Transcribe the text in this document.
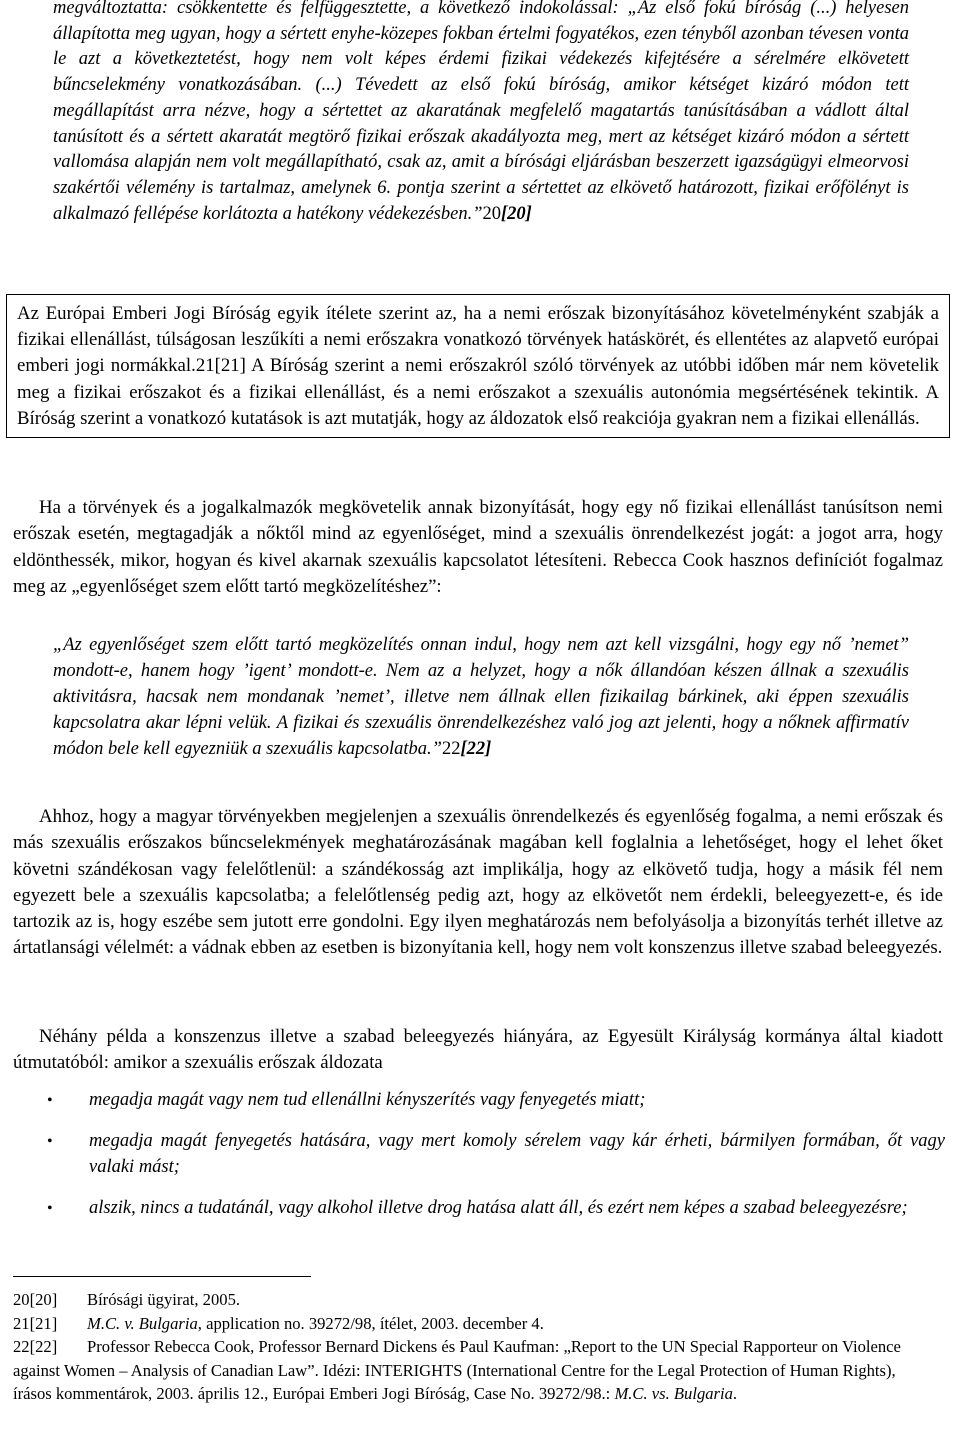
megváltoztatta: csökkentette és felfüggesztette, a következő indokolással: „Az első fokú bíróság (...) helyesen állapította meg ugyan, hogy a sértett enyhe-közepes fokban értelmi fogyatékos, ezen tényből azonban tévesen vonta le azt a következtetést, hogy nem volt képes érdemi fizikai védekezés kifejtésére a sérelmére elkövetett bűncselekmény vonatkozásában. (...) Tévedett az első fokú bíróság, amikor kétséget kizáró módon tett megállapítást arra nézve, hogy a sértettet az akaratának megfelelő magatartás tanúsításában a vádlott által tanúsított és a sértett akaratát megtörő fizikai erőszak akadályozta meg, mert az kétséget kizáró módon a sértett vallomása alapján nem volt megállapítható, csak az, amit a bírósági eljárásban beszerzett igazságügyi elmeorvosi szakértői vélemény is tartalmaz, amelynek 6. pontja szerint a sértettet az elkövető határozott, fizikai erőfölényt is alkalmazó fellépése korlátozta a hatékony védekezésben.”20[20]

Az Európai Emberi Jogi Bíróság egyik ítélete szerint az, ha a nemi erőszak bizonyításához követelményként szabják a fizikai ellenállást, túlságosan leszűkíti a nemi erőszakra vonatkozó törvények hatáskörét, és ellentétes az alapvető európai emberi jogi normákkal.21[21] A Bíróság szerint a nemi erőszakról szóló törvények az utóbbi időben már nem követelik meg a fizikai erőszakot és a fizikai ellenállást, és a nemi erőszakot a szexuális autonómia megsértésének tekintik. A Bíróság szerint a vonatkozó kutatások is azt mutatják, hogy az áldozatok első reakciója gyakran nem a fizikai ellenállás.

Ha a törvények és a jogalkalmazók megkövetelik annak bizonyítását, hogy egy nő fizikai ellenállást tanúsítson nemi erőszak esetén, megtagadják a nőktől mind az egyenlőséget, mind a szexuális önrendelkezést jogát: a jogot arra, hogy eldönthessék, mikor, hogyan és kivel akarnak szexuális kapcsolatot létesíteni. Rebecca Cook hasznos definíciót fogalmaz meg az „egyenlőséget szem előtt tartó megközelítéshez”:

„Az egyenlőséget szem előtt tartó megközelítés onnan indul, hogy nem azt kell vizsgálni, hogy egy nő ’nemet” mondott-e, hanem hogy ’igent’ mondott-e. Nem az a helyzet, hogy a nők állandóan készen állnak a szexuális aktivitásra, hacsak nem mondanak ’nemet’, illetve nem állnak ellen fizikailag bárkinek, aki éppen szexuális kapcsolatra akar lépni velük. A fizikai és szexuális önrendelkezéshez való jog azt jelenti, hogy a nőknek affirmatív módon bele kell egyezniük a szexuális kapcsolatba.”22[22]

Ahhoz, hogy a magyar törvényekben megjelenjen a szexuális önrendelkezés és egyenlőség fogalma, a nemi erőszak és más szexuális erőszakos bűncselekmények meghatározásának magában kell foglalnia a lehetőséget, hogy el lehet őket követni szándékosan vagy felelőtlenül: a szándékosság azt implikálja, hogy az elkövető tudja, hogy a másik fél nem egyezett bele a szexuális kapcsolatba; a felelőtlenség pedig azt, hogy az elkövetőt nem érdekli, beleegyezett-e, és ide tartozik az is, hogy eszébe sem jutott erre gondolni. Egy ilyen meghatározás nem befolyásolja a bizonyítás terhét illetve az ártatlansági vélelmét: a vádnak ebben az esetben is bizonyítania kell, hogy nem volt konszenzus illetve szabad beleegyezés.

Néhány példa a konszenzus illetve a szabad beleegyezés hiányára, az Egyesült Királyság kormánya által kiadott útmutatóból: amikor a szexuális erőszak áldozata

• megadja magát vagy nem tud ellenállni kényszerítés vagy fenyegetés miatt;
• megadja magát fenyegetés hatására, vagy mert komoly sérelem vagy kár érheti, bármilyen formában, őt vagy valaki mást;
• alszik, nincs a tudatánál, vagy alkohol illetve drog hatása alatt áll, és ezért nem képes a szabad beleegyezésre;
20[20] Bírósági ügyirat, 2005.
21[21] M.C. v. Bulgaria, application no. 39272/98, ítélet, 2003. december 4.
22[22] Professor Rebecca Cook, Professor Bernard Dickens és Paul Kaufman: „Report to the UN Special Rapporteur on Violence against Women – Analysis of Canadian Law”. Idézi: INTERIGHTS (International Centre for the Legal Protection of Human Rights), írásos kommentárok, 2003. április 12., Európai Emberi Jogi Bíróság, Case No. 39272/98.: M.C. vs. Bulgaria.
